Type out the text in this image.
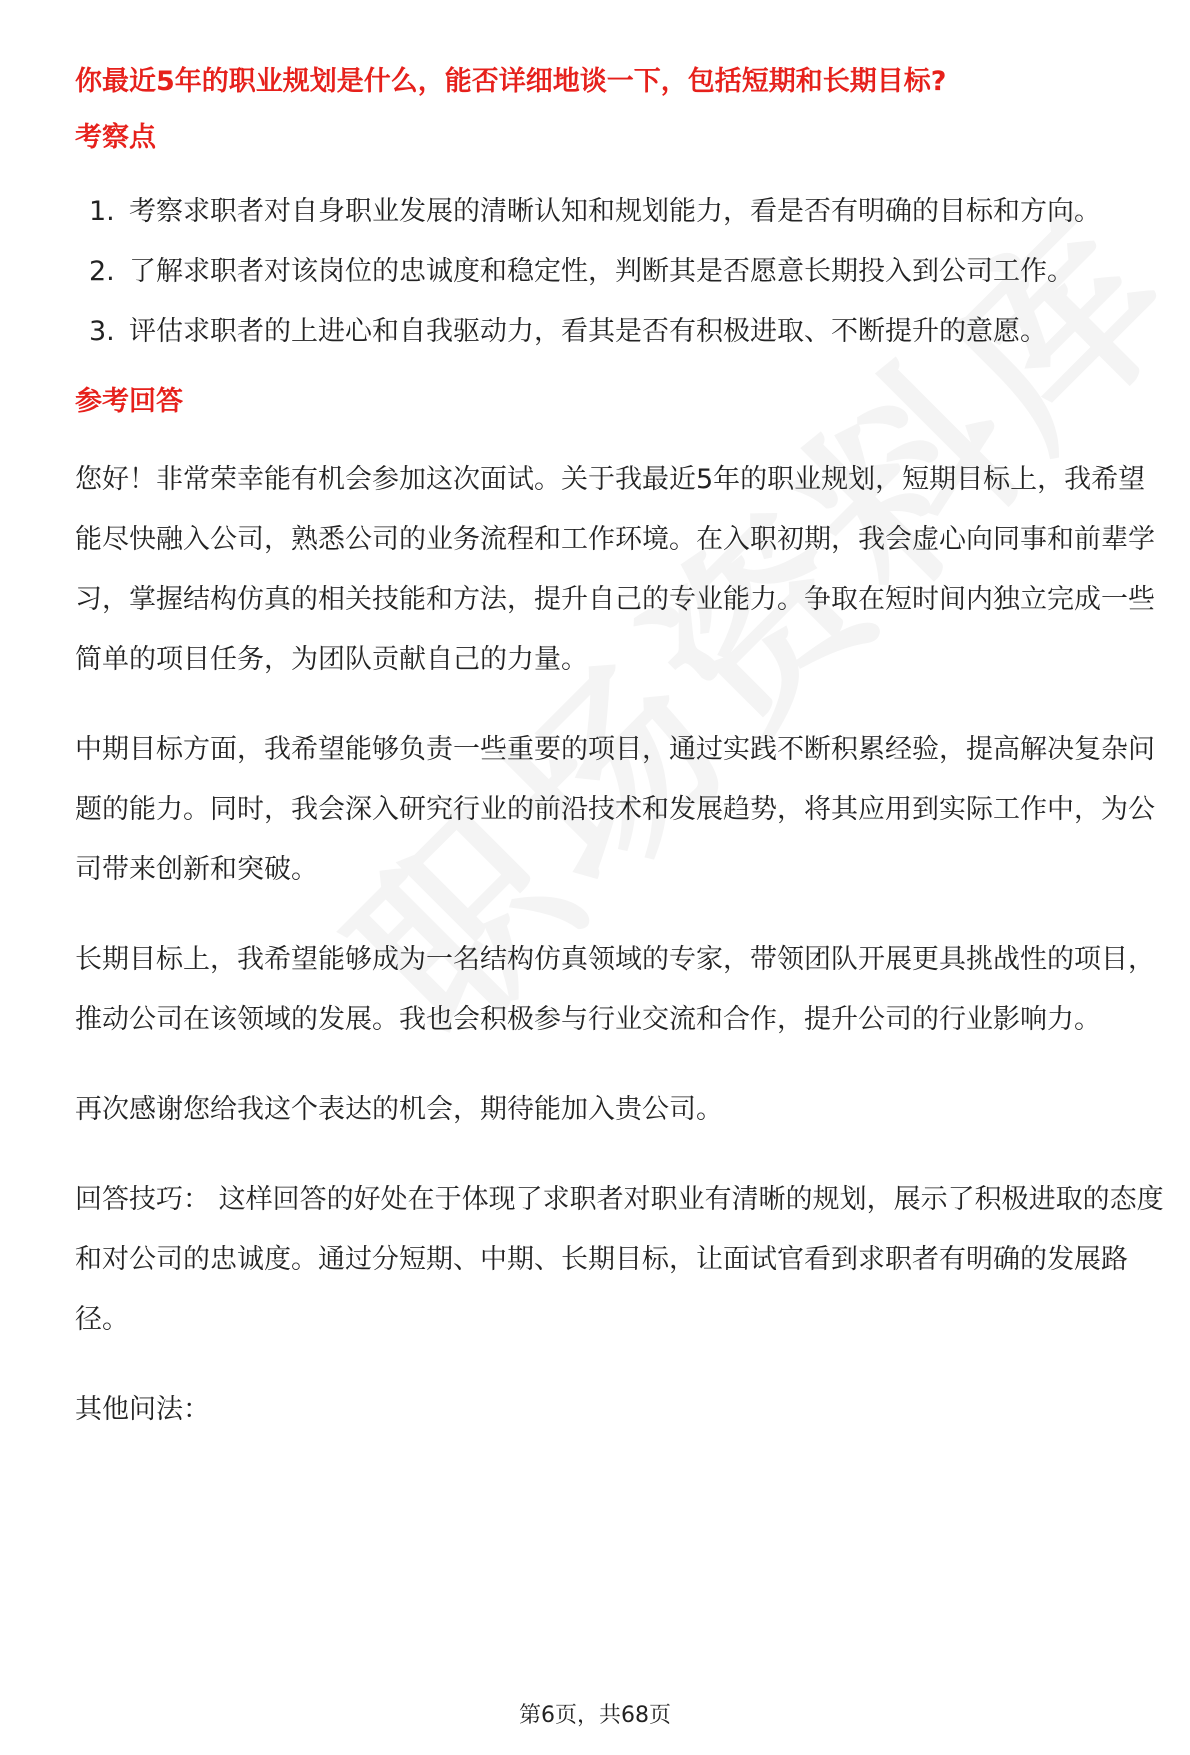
你最近5年的职业规划是什么，能否详细地谈一下，包括短期和长期目标?

考察点
1. 考察求职者对自身职业发展的清晰认知和规划能力，看是否有明确的目标和方向。
2. 了解求职者对该岗位的忠诚度和稳定性，判断其是否愿意长期投入到公司工作。
3. 评估求职者的上进心和自我驱动力，看其是否有积极进取、不断提升的意愿。
参考回答

您好！非常荣幸能有机会参加这次面试。关于我最近5年的职业规划，短期目标上，我希望能尽快融入公司，熟悉公司的业务流程和工作环境。在入职初期，我会虚心向同事和前辈学习，掌握结构仿真的相关技能和方法，提升自己的专业能力。争取在短时间内独立完成一些简单的项目任务，为团队贡献自己的力量。

中期目标方面，我希望能够负责一些重要的项目，通过实践不断积累经验，提高解决复杂问题的能力。同时，我会深入研究行业的前沿技术和发展趋势，将其应用到实际工作中，为公司带来创新和突破。

长期目标上，我希望能够成为一名结构仿真领域的专家，带领团队开展更具挑战性的项目，推动公司在该领域的发展。我也会积极参与行业交流和合作，提升公司的行业影响力。

再次感谢您给我这个表达的机会，期待能加入贵公司。

回答技巧： 这样回答的好处在于体现了求职者对职业有清晰的规划，展示了积极进取的态度和对公司的忠诚度。通过分短期、中期、长期目标，让面试官看到求职者有明确的发展路径。

其他问法：

第6页，共68页
